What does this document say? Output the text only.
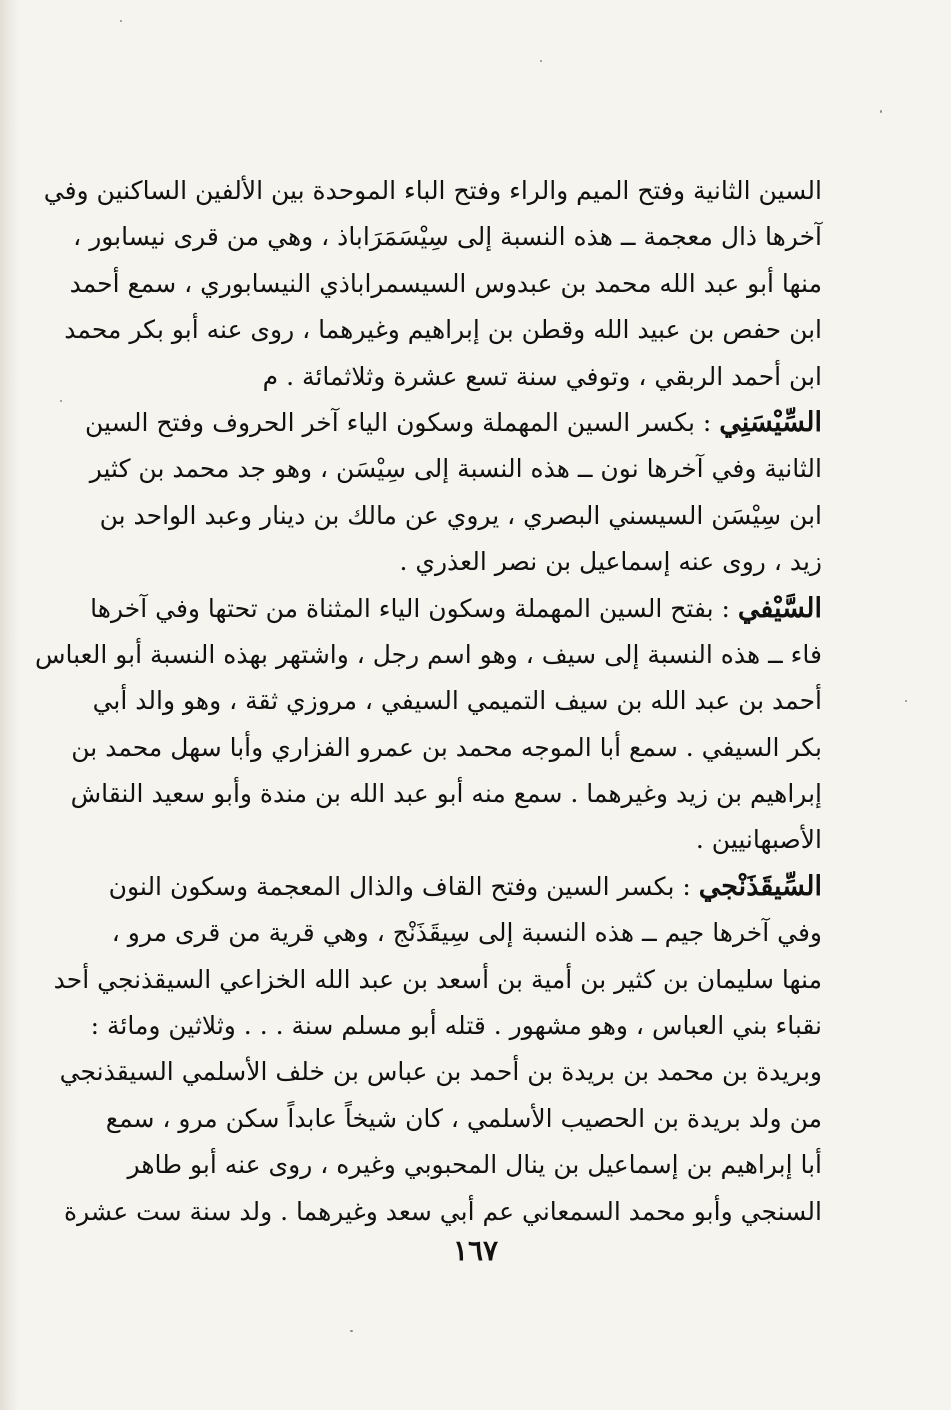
السين الثانية وفتح الميم والراء وفتح الباء الموحدة بين الألفين الساكنين وفي
آخرها ذال معجمة ــ هذه النسبة إلى سِيْسَمَرَاباذ ، وهي من قرى نيسابور ،
منها أبو عبد الله محمد بن عبدوس السيسمراباذي النيسابوري ، سمع أحمد
ابن حفص بن عبيد الله وقطن بن إبراهيم وغيرهما ، روى عنه أبو بكر محمد
ابن أحمد الربقي ، وتوفي سنة تسع عشرة وثلاثمائة . م
السِّيْسَنِي : بكسر السين المهملة وسكون الياء آخر الحروف وفتح السين
الثانية وفي آخرها نون ــ هذه النسبة إلى سِيْسَن ، وهو جد محمد بن كثير
ابن سِيْسَن السيسني البصري ، يروي عن مالك بن دينار وعبد الواحد بن
زيد ، روى عنه إسماعيل بن نصر العذري .
السَّيْفي : بفتح السين المهملة وسكون الياء المثناة من تحتها وفي آخرها
فاء ــ هذه النسبة إلى سيف ، وهو اسم رجل ، واشتهر بهذه النسبة أبو العباس
أحمد بن عبد الله بن سيف التميمي السيفي ، مروزي ثقة ، وهو والد أبي
بكر السيفي . سمع أبا الموجه محمد بن عمرو الفزاري وأبا سهل محمد بن
إبراهيم بن زيد وغيرهما . سمع منه أبو عبد الله بن مندة وأبو سعيد النقاش
الأصبهانيين .
السِّيقَذَنْجي : بكسر السين وفتح القاف والذال المعجمة وسكون النون
وفي آخرها جيم ــ هذه النسبة إلى سِيقَذَنْج ، وهي قرية من قرى مرو ،
منها سليمان بن كثير بن أمية بن أسعد بن عبد الله الخزاعي السيقذنجي أحد
نقباء بني العباس ، وهو مشهور . قتله أبو مسلم سنة . . . وثلاثين ومائة :
وبريدة بن محمد بن بريدة بن أحمد بن عباس بن خلف الأسلمي السيقذنجي
من ولد بريدة بن الحصيب الأسلمي ، كان شيخاً عابداً سكن مرو ، سمع
أبا إبراهيم بن إسماعيل بن ينال المحبوبي وغيره ، روى عنه أبو طاهر
السنجي وأبو محمد السمعاني عم أبي سعد وغيرهما . ولد سنة ست عشرة
١٦٧
